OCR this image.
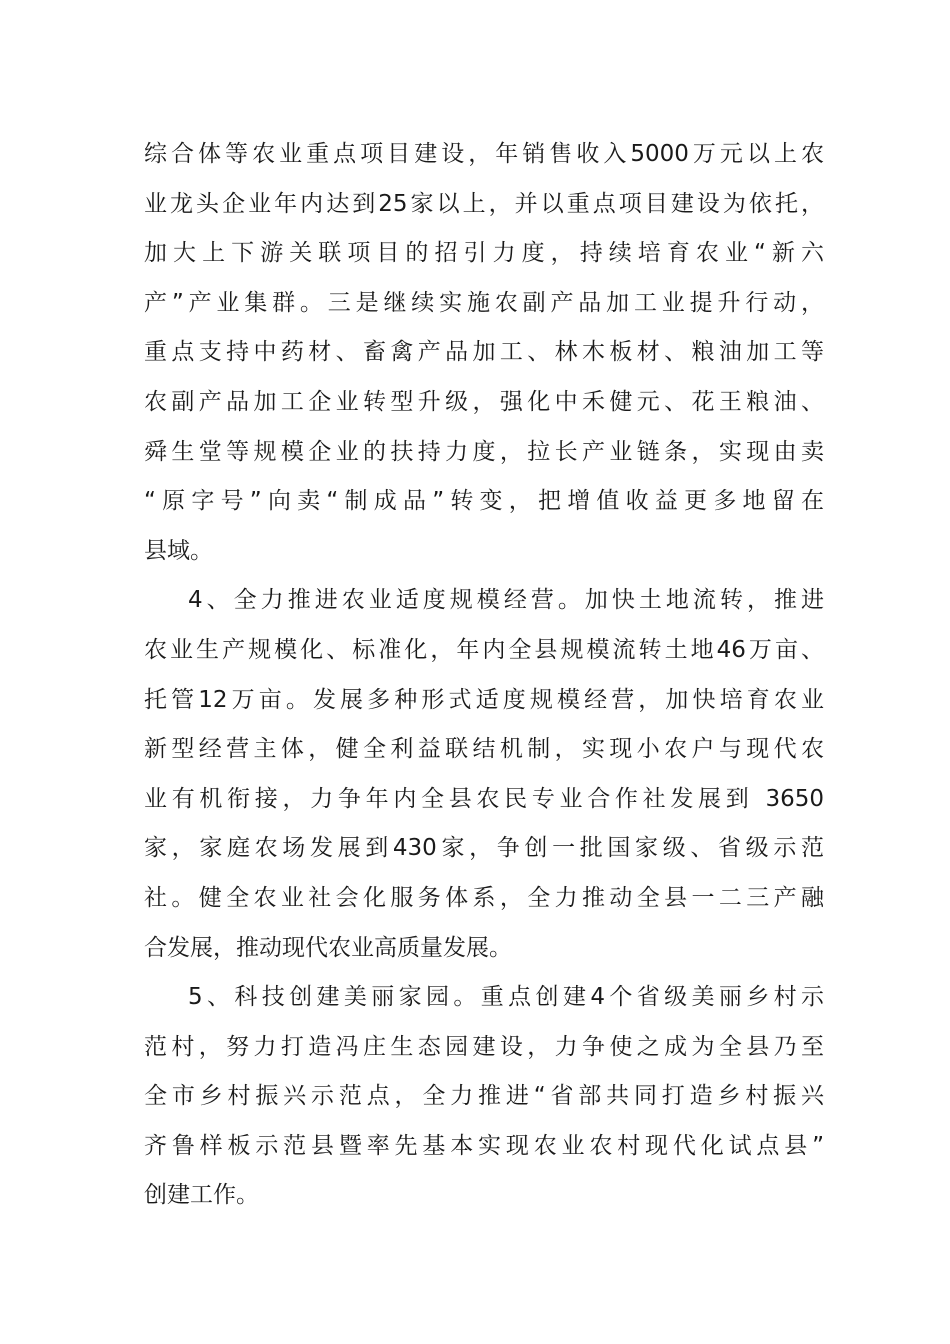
综合体等农业重点项目建设，年销售收入5000万元以上农
业龙头企业年内达到25家以上，并以重点项目建设为依托，
加大上下游关联项目的招引力度，持续培育农业“新六
产”产业集群。三是继续实施农副产品加工业提升行动，
重点支持中药材、畜禽产品加工、林木板材、粮油加工等
农副产品加工企业转型升级，强化中禾健元、花王粮油、
舜生堂等规模企业的扶持力度，拉长产业链条，实现由卖
“原字号”向卖“制成品”转变，把增值收益更多地留在
县域。
4、全力推进农业适度规模经营。加快土地流转，推进
农业生产规模化、标准化，年内全县规模流转土地46万亩、
托管12万亩。发展多种形式适度规模经营，加快培育农业
新型经营主体，健全利益联结机制，实现小农户与现代农
业有机衔接，力争年内全县农民专业合作社发展到 3650
家，家庭农场发展到430家，争创一批国家级、省级示范
社。健全农业社会化服务体系，全力推动全县一二三产融
合发展，推动现代农业高质量发展。
5、科技创建美丽家园。重点创建4个省级美丽乡村示
范村，努力打造冯庄生态园建设，力争使之成为全县乃至
全市乡村振兴示范点，全力推进“省部共同打造乡村振兴
齐鲁样板示范县暨率先基本实现农业农村现代化试点县”
创建工作。
